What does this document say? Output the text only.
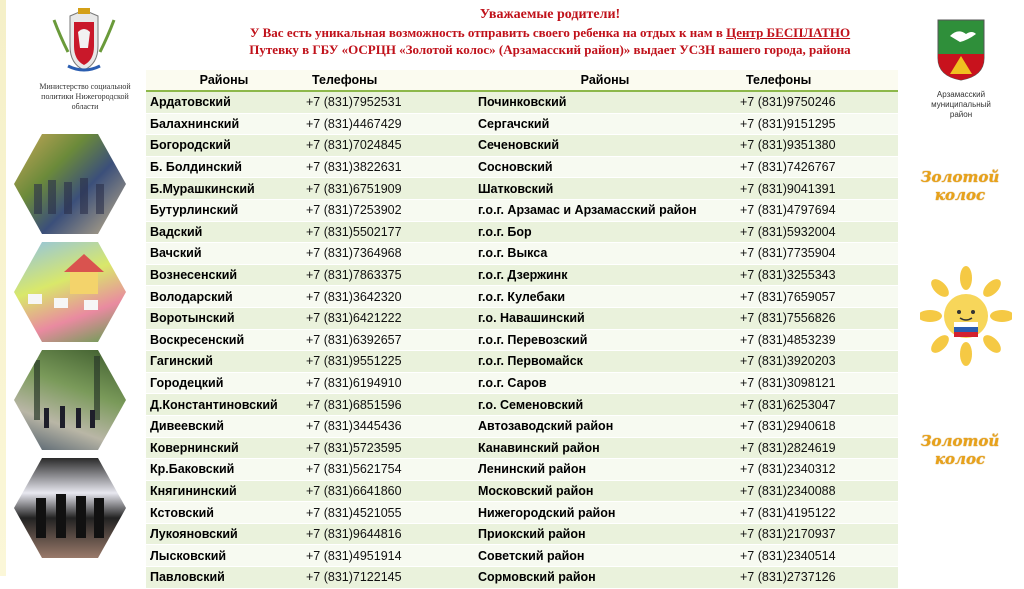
Министерство социальной политики Нижегородской области
Уважаемые родители!
У Вас есть уникальная возможность отправить своего ребенка на отдых к нам в Центр БЕСПЛАТНО
Путевку в ГБУ «ОСРЦН «Золотой колос» (Арзамасский район)» выдает УСЗН вашего города, района
Арзамасский муниципальный район
Золотой колос
Золотой колос
Районы	Телефоны	Районы	Телефоны
Ардатовский	+7 (831)7952531	Починковский	+7 (831)9750246
Балахнинский	+7 (831)4467429	Сергачский	+7 (831)9151295
Богородский	+7 (831)7024845	Сеченовский	+7 (831)9351380
Б. Болдинский	+7 (831)3822631	Сосновский	+7 (831)7426767
Б.Мурашкинский	+7 (831)6751909	Шатковский	+7 (831)9041391
Бутурлинский	+7 (831)7253902	г.о.г. Арзамас и Арзамасский район	+7 (831)4797694
Вадский	+7 (831)5502177	г.о.г. Бор	+7 (831)5932004
Вачский	+7 (831)7364968	г.о.г. Выкса	+7 (831)7735904
Вознесенский	+7 (831)7863375	г.о.г. Дзержинк	+7 (831)3255343
Володарский	+7 (831)3642320	г.о.г. Кулебаки	+7 (831)7659057
Воротынский	+7 (831)6421222	г.о. Навашинский	+7 (831)7556826
Воскресенский	+7 (831)6392657	г.о.г. Перевозский	+7 (831)4853239
Гагинский	+7 (831)9551225	г.о.г. Первомайск	+7 (831)3920203
Городецкий	+7 (831)6194910	г.о.г. Саров	+7 (831)3098121
Д.Константиновский	+7 (831)6851596	г.о. Семеновский	+7 (831)6253047
Дивеевский	+7 (831)3445436	Автозаводский район	+7 (831)2940618
Ковернинский	+7 (831)5723595	Канавинский район	+7 (831)2824619
Кр.Баковский	+7 (831)5621754	Ленинский район	+7 (831)2340312
Княгининский	+7 (831)6641860	Московский район	+7 (831)2340088
Кстовский	+7 (831)4521055	Нижегородский район	+7 (831)4195122
Лукояновский	+7 (831)9644816	Приокский район	+7 (831)2170937
Лысковский	+7 (831)4951914	Советский район	+7 (831)2340514
Павловский	+7 (831)7122145	Сормовский район	+7 (831)2737126
